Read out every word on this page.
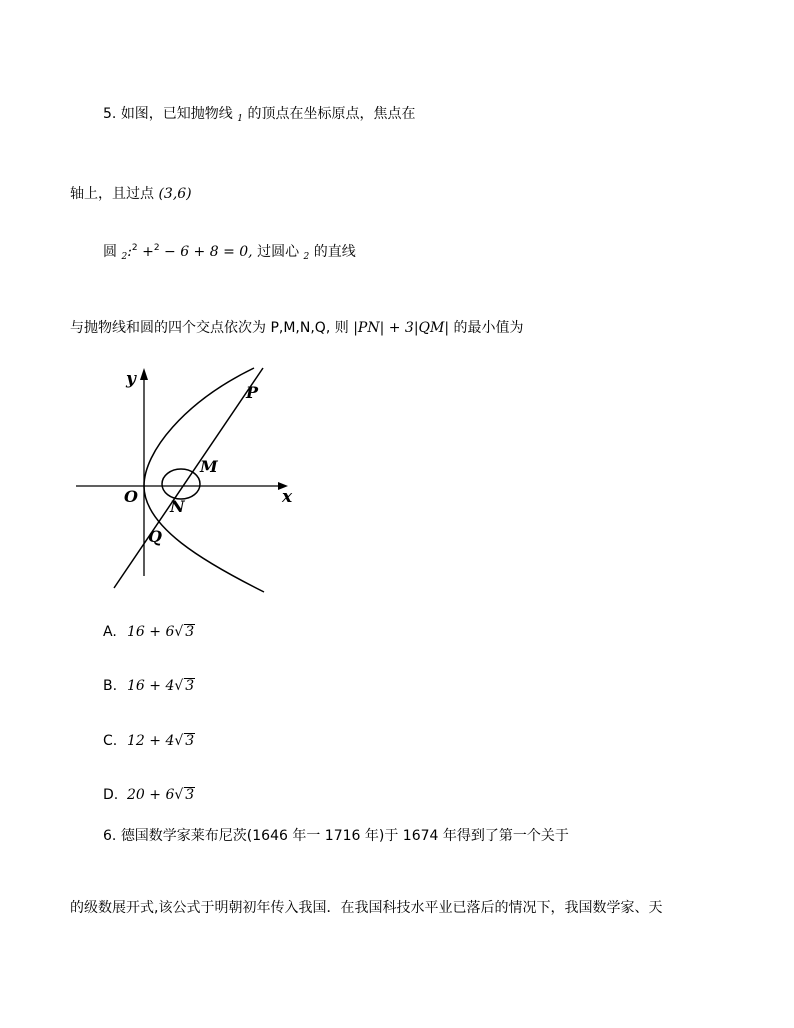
5. 如图，已知抛物线 $_1$ 的顶点在坐标原点，焦点在
轴上，且过点 (3,6)
圆 $_2$:$^2$ +$^2$ − 6 + 8 = 0, 过圆心 $_2$ 的直线
与抛物线和圆的四个交点依次为 P,M,N,Q, 则 |PN| + 3|QM| 的最小值为
y
x
O
P
M
N
Q
A. 16 + 6√ 3
B. 16 + 4√ 3
C. 12 + 4√ 3
D. 20 + 6√ 3
6. 德国数学家莱布尼茨(1646 年一 1716 年)于 1674 年得到了第一个关于
的级数展开式,该公式于明朝初年传入我国．在我国科技水平业已落后的情况下，我国数学家、天
